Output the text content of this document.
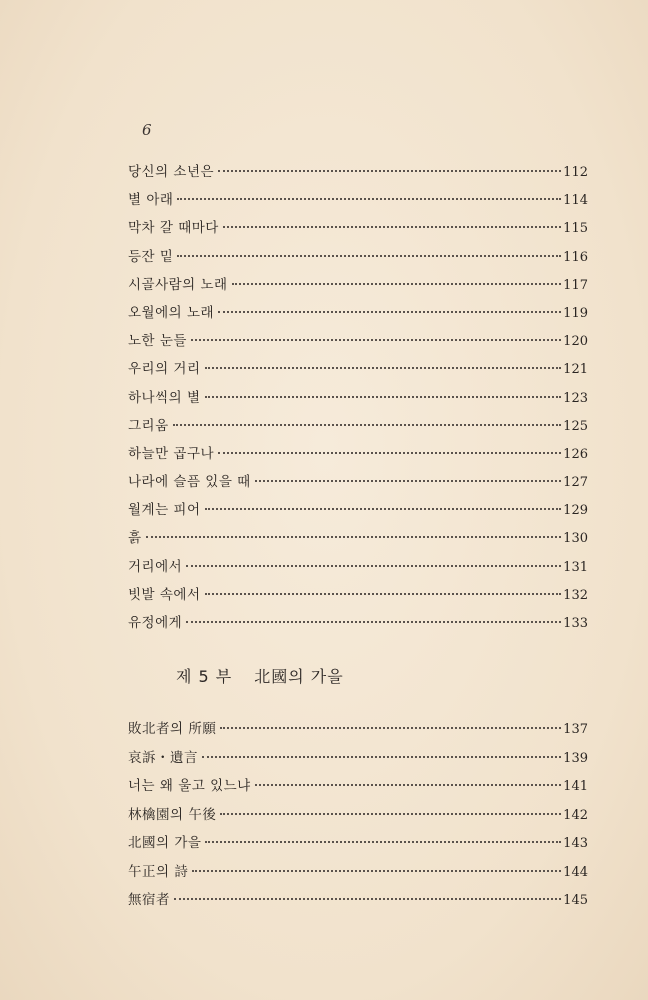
6
당신의 소년은	112
별 아래	114
막차 갈 때마다	115
등잔 밑	116
시골사람의 노래	117
오월에의 노래	119
노한 눈들	120
우리의 거리	121
하나씩의 별	123
그리움	125
하늘만 곱구나	126
나라에 슬픔 있을 때	127
월계는 피어	129
흙	130
거리에서	131
빗발 속에서	132
유정에게	133
제 5 부 北國의 가을
敗北者의 所願	137
哀訴・遺言	139
너는 왜 울고 있느냐	141
林檎園의 午後	142
北國의 가을	143
午正의 詩	144
無宿者	145
